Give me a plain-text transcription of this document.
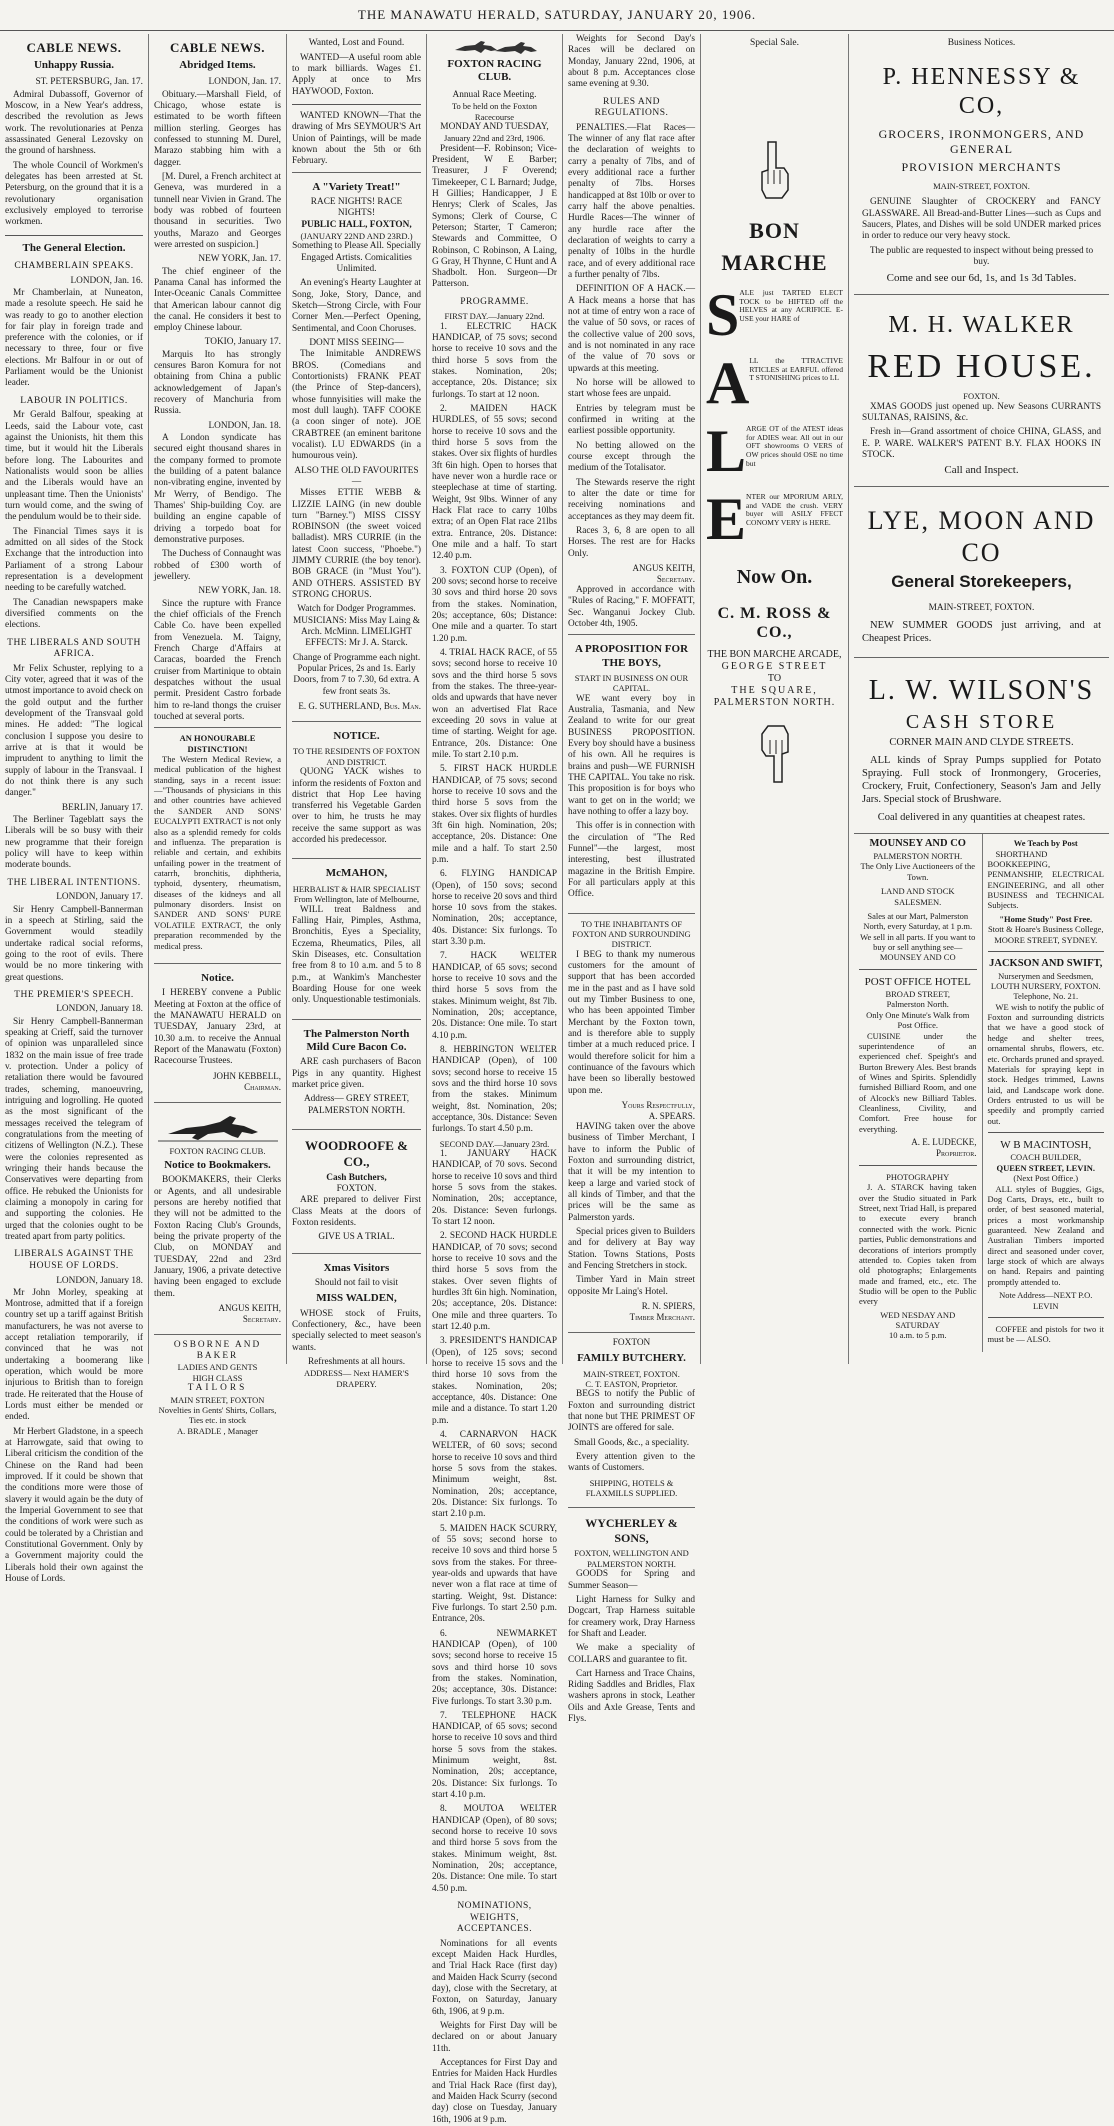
THE MANAWATU HERALD, SATURDAY, JANUARY 20, 1906.
CABLE NEWS.
Unhappy Russia.
ST. PETERSBURG, Jan. 17.

Admiral Dubassoff, Governor of Moscow, in a New Year's address, described the revolution as Jews work. The revolutionaries at Penza assassinated General Lezovsky on the ground of harshness.

The whole Council of Workmen's delegates has been arrested at St. Petersburg, on the ground that it is a revolutionary organisation exclusively employed to terrorise workmen.

The General Election.
CHAMBERLAIN SPEAKS.
LONDON, Jan. 16.

Mr Chamberlain, at Nuneaton, made a resolute speech. He said he was ready to go to another election for fair play in foreign trade and preference with the colonies, or if necessary to three, four or five elections. Mr Balfour in or out of Parliament would be the Unionist leader.

LABOUR IN POLITICS.

Mr Gerald Balfour, speaking at Leeds, said the Labour vote, cast against the Unionists, hit them this time, but it would hit the Liberals before long. The Labourites and Nationalists would soon be allies and the Liberals would have an unpleasant time. Then the Unionists' turn would come, and the swing of the pendulum would be to their side.

The Financial Times says it is admitted on all sides of the Stock Exchange that the introduction into Parliament of a strong Labour representation is a development needing to be carefully watched.

The Canadian newspapers make diversified comments on the elections.

THE LIBERALS AND SOUTH AFRICA.

Mr Felix Schuster, replying to a City voter, agreed that it was of the utmost importance to avoid check on the gold output and the further development of the Transvaal gold mines. He added: "The logical conclusion I suppose you desire to arrive at is that it would be imprudent to anything to limit the supply of labour in the Transvaal. I do not think there is any such danger."

BERLIN, January 17.

The Berliner Tageblatt says the Liberals will be so busy with their new programme that their foreign policy will have to keep within moderate bounds.

THE LIBERAL INTENTIONS.
LONDON, January 17.

Sir Henry Campbell-Bannerman in a speech at Stirling, said the Government would steadily undertake radical social reforms, going to the root of evils. There would be no more tinkering with great questions.

THE PREMIER'S SPEECH.
LONDON, January 18.

Sir Henry Campbell-Bannerman speaking at Crieff, said the turnover of opinion was unparalleled since 1832 on the main issue of free trade v. protection. Under a policy of retaliation there would be favoured trades, scheming, manoeuvring, intriguing and logrolling. He quoted as the most significant of the messages received the telegram of congratulations from the meeting of citizens of Wellington (N.Z.). These were the colonies represented as wringing their hands because the Conservatives were departing from office. He rebuked the Unionists for claiming a monopoly in caring for and supporting the colonies. He urged that the colonies ought to be treated apart from party politics.

LIBERALS AGAINST THE HOUSE OF LORDS.
LONDON, January 18.

Mr John Morley, speaking at Montrose, admitted that if a foreign country set up a tariff against British manufacturers, he was not averse to accept retaliation temporarily, if convinced that he was not undertaking a boomerang like operation, which would be more injurious to British than to foreign trade. He reiterated that the House of Lords must either be mended or ended.

Mr Herbert Gladstone, in a speech at Harrowgate, said that owing to Liberal criticism the condition of the Chinese on the Rand had been improved. If it could be shown that the conditions more were those of slavery it would again be the duty of the Imperial Government to see that the conditions of work were such as could be tolerated by a Christian and Constitutional Government. Only by a Government majority could the Liberals hold their own against the House of Lords.

CABLE NEWS.
Abridged Items.
LONDON, Jan. 17.

Obituary.—Marshall Field, of Chicago, whose estate is estimated to be worth fifteen million sterling. Georges has confessed to stunning M. Durel, Marazo stabbing him with a dagger.

[M. Durel, a French architect at Geneva, was murdered in a tunnell near Vivien in Grand. The body was robbed of fourteen thousand in securities. Two youths, Marazo and Georges were arrested on suspicion.]

NEW YORK, Jan. 17.

The chief engineer of the Panama Canal has informed the Inter-Oceanic Canals Committee that American labour cannot dig the canal. He considers it best to employ Chinese labour.

TOKIO, January 17.

Marquis Ito has strongly censures Baron Komura for not obtaining from China a public acknowledgement of Japan's recovery of Manchuria from Russia.

LONDON, Jan. 18.

A London syndicate has secured eight thousand shares in the company formed to promote the building of a patent balance non-vibrating engine, invented by Mr Werry, of Bendigo. The Thames' Ship-building Coy. are building an engine capable of driving a torpedo boat for demonstrative purposes.

The Duchess of Connaught was robbed of £300 worth of jewellery.

NEW YORK, Jan. 18.

Since the rupture with France the chief officials of the French Cable Co. have been expelled from Venezuela. M. Taigny, French Charge d'Affairs at Caracas, boarded the French cruiser from Martinique to obtain despatches without the usual permit. President Castro forbade him to re-land thongs the cruiser touched at several ports.

AN HONOURABLE DISTINCTION!

The Western Medical Review, a medical publication of the highest standing, says in a recent issue:—"Thousands of physicians in this and other countries have achieved the SANDER AND SONS' EUCALYPTI EXTRACT is not only also as a splendid remedy for colds and influenza. The preparation is reliable and certain, and exhibits unfailing power in the treatment of catarrh, bronchitis, diphtheria, typhoid, dysentery, rheumatism, diseases of the kidneys and all pulmonary disorders. Insist on SANDER AND SONS' PURE VOLATILE EXTRACT, the only preparation recommended by the medical press.

Notice.

I HEREBY convene a Public Meeting at Foxton at the office of the MANAWATU HERALD on TUESDAY, January 23rd, at 10.30 a.m. to receive the Annual Report of the Manawatu (Foxton) Racecourse Trustees.

JOHN KEBBELL,
Chairman.
FOXTON RACING CLUB.
Notice to Bookmakers.

BOOKMAKERS, their Clerks or Agents, and all undesirable persons are hereby notified that they will not be admitted to the Foxton Racing Club's Grounds, being the private property of the Club, on MONDAY and TUESDAY, 22nd and 23rd January, 1906, a private detective having been engaged to exclude them.

ANGUS KEITH,
Secretary.
OSBORNE AND BAKER
LADIES AND GENTS
HIGH CLASS
TAILORS
MAIN STREET, FOXTON
Novelties in Gents' Shirts, Collars, Ties etc. in stock
A. BRADLE , Manager
Wanted, Lost and Found.

WANTED—A useful room able to mark billiards. Wages £1. Apply at once to Mrs HAYWOOD, Foxton.

WANTED KNOWN—That the drawing of Mrs SEYMOUR'S Art Union of Paintings, will be made known about the 5th or 6th February.

A "Variety Treat!"
RACE NIGHTS! RACE NIGHTS!
PUBLIC HALL, FOXTON,
(JANUARY 22ND AND 23RD.)

Something to Please All. Specially Engaged Artists. Comicalities Unlimited.

An evening's Hearty Laughter at Song, Joke, Story, Dance, and Sketch—Strong Circle, with Four Corner Men.—Perfect Opening, Sentimental, and Coon Choruses.

DONT MISS SEEING—

The Inimitable ANDREWS BROS. (Comedians and Contortionists) FRANK PEAT (the Prince of Step-dancers), whose funnyisities will make the most dull laugh). TAFF COOKE (a coon singer of note). JOE CRABTREE (an eminent baritone vocalist). LU EDWARDS (in a humourous vein).

ALSO THE OLD FAVOURITES—

Misses ETTIE WEBB & LIZZIE LAING (in new double turn "Barney.") MISS CISSY ROBINSON (the sweet voiced balladist). MRS CURRIE (in the latest Coon success, "Phoebe.") JIMMY CURRIE (the boy tenor). BOB GRACE (in "Must You"). AND OTHERS. ASSISTED BY STRONG CHORUS.

Watch for Dodger Programmes.

MUSICIANS: Miss May Laing & Arch. McMinn. LIMELIGHT EFFECTS: Mr J. A. Starck.

Change of Programme each night.

Popular Prices, 2s and 1s. Early Doors, from 7 to 7.30, 6d extra. A few front seats 3s.

E. G. SUTHERLAND, Bus. Man.
NOTICE.
TO THE RESIDENTS OF FOXTON AND DISTRICT.

QUONG YACK wishes to inform the residents of Foxton and district that Hop Lee having transferred his Vegetable Garden over to him, he trusts he may receive the same support as was accorded his predecessor.

McMAHON,
HERBALIST & HAIR SPECIALIST From Wellington, late of Melbourne,

WILL treat Baldness and Falling Hair, Pimples, Asthma, Bronchitis, Eyes a Speciality, Eczema, Rheumatics, Piles, all Skin Diseases, etc. Consultation free from 8 to 10 a.m. and 5 to 8 p.m., at Wankim's Manchester Boarding House for one week only. Unquestionable testimonials.

The Palmerston North Mild Cure Bacon Co.

ARE cash purchasers of Bacon Pigs in any quantity. Highest market price given.

Address— GREY STREET, PALMERSTON NORTH.

WOODROOFE & CO.,
Cash Butchers,
FOXTON.

ARE prepared to deliver First Class Meats at the doors of Foxton residents.

GIVE US A TRIAL.
Xmas Visitors
Should not fail to visit
MISS WALDEN,

WHOSE stock of Fruits, Confectionery, &c., have been specially selected to meet season's wants.

Refreshments at all hours.
ADDRESS— Next HAMER'S DRAPERY.
FOXTON RACING CLUB.
Annual Race Meeting.
To be held on the Foxton Racecourse
MONDAY AND TUESDAY,
January 22nd and 23rd, 1906.

President—F. Robinson; Vice-President, W E Barber; Treasurer, J F Overend; Timekeeper, C L Barnard; Judge, H Gillies; Handicapper, J E Henrys; Clerk of Scales, Jas Symons; Clerk of Course, C Peterson; Starter, T Cameron; Stewards and Committee, O Robinson, C Robinson, A Laing, G Gray, H Thynne, C Hunt and A Shadbolt. Hon. Surgeon—Dr Patterson.

PROGRAMME.
FIRST DAY.—January 22nd.

1. ELECTRIC HACK HANDICAP, of 75 sovs; second horse to receive 10 sovs and the third horse 5 sovs from the stakes. Nomination, 20s; acceptance, 20s. Distance; six furlongs. To start at 12 noon.

2. MAIDEN HACK HURDLES, of 55 sovs; second horse to receive 10 sovs and the third horse 5 sovs from the stakes. Over six flights of hurdles 3ft 6in high. Open to horses that have never won a hurdle race or steeplechase at time of starting. Weight, 9st 9lbs. Winner of any Hack Flat race to carry 10lbs extra; of an Open Flat race 21lbs extra. Entrance, 20s. Distance: One mile and a half. To start 12.40 p.m.

3. FOXTON CUP (Open), of 200 sovs; second horse to receive 30 sovs and third horse 20 sovs from the stakes. Nomination, 20s; acceptance, 60s; Distance: One mile and a quarter. To start 1.20 p.m.

4. TRIAL HACK RACE, of 55 sovs; second horse to receive 10 sovs and the third horse 5 sovs from the stakes. The three-year-olds and upwards that have never won an advertised Flat Race exceeding 20 sovs in value at time of starting. Weight for age. Entrance, 20s. Distance: One mile. To start 2.10 p.m.

5. FIRST HACK HURDLE HANDICAP, of 75 sovs; second horse to receive 10 sovs and the third horse 5 sovs from the stakes. Over six flights of hurdles 3ft 6in high. Nomination, 20s; acceptance, 20s. Distance: One mile and a half. To start 2.50 p.m.

6. FLYING HANDICAP (Open), of 150 sovs; second horse to receive 20 sovs and third horse 10 sovs from the stakes. Nomination, 20s; acceptance, 40s. Distance: Six furlongs. To start 3.30 p.m.

7. HACK WELTER HANDICAP, of 65 sovs; second horse to receive 10 sovs and the third horse 5 sovs from the stakes. Minimum weight, 8st 7lb. Nomination, 20s; acceptance, 20s. Distance: One mile. To start 4.10 p.m.

8. HEBRINGTON WELTER HANDICAP (Open), of 100 sovs; second horse to receive 15 sovs and the third horse 10 sovs from the stakes. Minimum weight, 8st. Nomination, 20s; acceptance, 30s. Distance: Seven furlongs. To start 4.50 p.m.

SECOND DAY.—January 23rd.

1. JANUARY HACK HANDICAP, of 70 sovs. Second horse to receive 10 sovs and third horse 5 sovs from the stakes. Nomination, 20s; acceptance, 20s. Distance: Seven furlongs. To start 12 noon.

2. SECOND HACK HURDLE HANDICAP, of 70 sovs; second horse to receive 10 sovs and the third horse 5 sovs from the stakes. Over seven flights of hurdles 3ft 6in high. Nomination, 20s; acceptance, 20s. Distance: One mile and three quarters. To start 12.40 p.m.

3. PRESIDENT'S HANDICAP (Open), of 125 sovs; second horse to receive 15 sovs and the third horse 10 sovs from the stakes. Nomination, 20s; acceptance, 40s. Distance: One mile and a distance. To start 1.20 p.m.

4. CARNARVON HACK WELTER, of 60 sovs; second horse to receive 10 sovs and third horse 5 sovs from the stakes. Minimum weight, 8st. Nomination, 20s; acceptance, 20s. Distance: Six furlongs. To start 2.10 p.m.

5. MAIDEN HACK SCURRY, of 55 sovs; second horse to receive 10 sovs and third horse 5 sovs from the stakes. For three-year-olds and upwards that have never won a flat race at time of starting. Weight, 9st. Distance: Five furlongs. To start 2.50 p.m. Entrance, 20s.

6. NEWMARKET HANDICAP (Open), of 100 sovs; second horse to receive 15 sovs and third horse 10 sovs from the stakes. Nomination, 20s; acceptance, 30s. Distance: Five furlongs. To start 3.30 p.m.

7. TELEPHONE HACK HANDICAP, of 65 sovs; second horse to receive 10 sovs and third horse 5 sovs from the stakes. Minimum weight, 8st. Nomination, 20s; acceptance, 20s. Distance: Six furlongs. To start 4.10 p.m.

8. MOUTOA WELTER HANDICAP (Open), of 80 sovs; second horse to receive 10 sovs and third horse 5 sovs from the stakes. Minimum weight, 8st. Nomination, 20s; acceptance, 20s. Distance: One mile. To start 4.50 p.m.

NOMINATIONS, WEIGHTS, ACCEPTANCES.

Nominations for all events except Maiden Hack Hurdles, and Trial Hack Race (first day) and Maiden Hack Scurry (second day), close with the Secretary, at Foxton, on Saturday, January 6th, 1906, at 9 p.m.

Weights for First Day will be declared on or about January 11th.

Acceptances for First Day and Entries for Maiden Hack Hurdles and Trial Hack Race (first day), and Maiden Hack Scurry (second day) close on Tuesday, January 16th, 1906 at 9 p.m.

Weights for Second Day's Races will be declared on Monday, January 22nd, 1906, at about 8 p.m. Acceptances close same evening at 9.30.

RULES AND REGULATIONS.

PENALTIES.—Flat Races—The winner of any flat race after the declaration of weights to carry a penalty of 7lbs, and of every additional race a further penalty of 7lbs. Horses handicapped at 8st 10lb or over to carry half the above penalties. Hurdle Races—The winner of any hurdle race after the declaration of weights to carry a penalty of 10lbs in the hurdle race, and of every additional race a further penalty of 7lbs.

DEFINITION OF A HACK.—A Hack means a horse that has not at time of entry won a race of the value of 50 sovs, or races of the collective value of 200 sovs, and is not nominated in any race of the value of 70 sovs or upwards at this meeting.

No horse will be allowed to start whose fees are unpaid.

Entries by telegram must be confirmed in writing at the earliest possible opportunity.

No betting allowed on the course except through the medium of the Totalisator.

The Stewards reserve the right to alter the date or time for receiving nominations and acceptances as they may deem fit.

Races 3, 6, 8 are open to all Horses. The rest are for Hacks Only.

ANGUS KEITH,
Secretary.

Approved in accordance with "Rules of Racing," F. MOFFATT, Sec. Wanganui Jockey Club. October 4th, 1905.

A PROPOSITION FOR THE BOYS,
START IN BUSINESS ON OUR CAPITAL.

WE want every boy in Australia, Tasmania, and New Zealand to write for our great BUSINESS PROPOSITION. Every boy should have a business of his own. All he requires is brains and push—WE FURNISH THE CAPITAL. You take no risk. This proposition is for boys who want to get on in the world; we have nothing to offer a lazy boy.

This offer is in connection with the circulation of "The Red Funnel"—the largest, most interesting, best illustrated magazine in the British Empire. For all particulars apply at this Office.

TO THE INHABITANTS OF FOXTON AND SURROUNDING DISTRICT.

I BEG to thank my numerous customers for the amount of support that has been accorded me in the past and as I have sold out my Timber Business to one, who has been appointed Timber Merchant by the Foxton town, and is therefore able to supply timber at a much reduced price. I would therefore solicit for him a continuance of the favours which have been so liberally bestowed upon me.

Yours Respectfully,
A. SPEARS.

HAVING taken over the above business of Timber Merchant, I have to inform the Public of Foxton and surrounding district, that it will be my intention to keep a large and varied stock of all kinds of Timber, and that the prices will be the same as Palmerston yards.

Special prices given to Builders and for delivery at Bay way Station. Towns Stations, Posts and Fencing Stretchers in stock.

Timber Yard in Main street opposite Mr Laing's Hotel.

R. N. SPIERS,
Timber Merchant.
FOXTON
FAMILY BUTCHERY.
MAIN-STREET, FOXTON.
C. T. EASTON, Proprietor.

BEGS to notify the Public of Foxton and surrounding district that none but THE PRIMEST OF JOINTS are offered for sale.

Small Goods, &c., a speciality.

Every attention given to the wants of Customers.

SHIPPING, HOTELS & FLAXMILLS SUPPLIED.
WYCHERLEY & SONS,
FOXTON, WELLINGTON AND PALMERSTON NORTH.

GOODS for Spring and Summer Season—

Light Harness for Sulky and Dogcart, Trap Harness suitable for creamery work, Dray Harness for Shaft and Leader.

We make a speciality of COLLARS and guarantee to fit.

Cart Harness and Trace Chains, Riding Saddles and Bridles, Flax washers aprons in stock, Leather Oils and Axle Grease, Tents and Flys.

Special Sale.
BON
MARCHE
S ALE just TARTED ELECT TOCK to be HIFTED off the HELVES at any ACRIFICE. E-USE your HARE of
A LL the TTRACTIVE RTICLES at EARFUL offered T STONISHING prices to LL
L ARGE OT of the ATEST ideas for ADIES wear. All out in our OFT showrooms O VERS of OW prices should OSE no time but
E NTER our MPORIUM ARLY, and VADE the crush. VERY buyer will ASILY FFECT CONOMY VERY is HERE.
Now On.
C. M. ROSS & CO.,
THE BON MARCHE ARCADE,
GEORGE STREET
TO
THE SQUARE,
PALMERSTON NORTH.
Business Notices.
P. HENNESSY & CO,
GROCERS, IRONMONGERS, AND GENERAL
PROVISION MERCHANTS
MAIN-STREET, FOXTON.

GENUINE Slaughter of CROCKERY and FANCY GLASSWARE. All Bread-and-Butter Lines—such as Cups and Saucers, Plates, and Dishes will be sold UNDER marked prices in order to reduce our very heavy stock.

The public are requested to inspect without being pressed to buy.

Come and see our 6d, 1s, and 1s 3d Tables.
M. H. WALKER
RED HOUSE.
FOXTON.

XMAS GOODS just opened up. New Seasons CURRANTS SULTANAS, RAISINS, &c.

Fresh in—Grand assortment of choice CHINA, GLASS, and E. P. WARE. WALKER'S PATENT B.Y. FLAX HOOKS IN STOCK.

Call and Inspect.
LYE, MOON AND CO
General Storekeepers,
MAIN-STREET, FOXTON.

NEW SUMMER GOODS just arriving, and at Cheapest Prices.

L. W. WILSON'S
CASH STORE
CORNER MAIN AND CLYDE STREETS.

ALL kinds of Spray Pumps supplied for Potato Spraying. Full stock of Ironmongery, Groceries, Crockery, Fruit, Confectionery, Season's Jam and Jelly Jars. Special stock of Brushware.

Coal delivered in any quantities at cheapest rates.
MOUNSEY AND CO
PALMERSTON NORTH.
The Only Live Auctioneers of the Town.
LAND AND STOCK SALESMEN.
Sales at our Mart, Palmerston North, every Saturday, at 1 p.m.
We sell in all parts. If you want to buy or sell anything see—
MOUNSEY AND CO
POST OFFICE HOTEL
BROAD STREET,
Palmerston North.
Only One Minute's Walk from Post Office.

CUISINE under the superintendence of an experienced chef. Speight's and Burton Brewery Ales. Best brands of Wines and Spirits. Splendidly furnished Billiard Room, and one of Alcock's new Billiard Tables. Cleanliness, Civility, and Comfort. Free house for everything.

A. E. LUDECKE,
Proprietor.
PHOTOGRAPHY

J. A. STARCK having taken over the Studio situated in Park Street, next Triad Hall, is prepared to execute every branch connected with the work. Picnic parties, Public demonstrations and decorations of interiors promptly attended to. Copies taken from old photographs; Enlargements made and framed, etc., etc. The Studio will be open to the Public every

WED NESDAY AND SATURDAY
10 a.m. to 5 p.m.
We Teach by Post

SHORTHAND BOOKKEEPING, PENMANSHIP, ELECTRICAL ENGINEERING, and all other BUSINESS and TECHNICAL Subjects.

"Home Study" Post Free.
Stott & Hoare's Business College, MOORE STREET, SYDNEY.
JACKSON AND SWIFT,
Nurserymen and Seedsmen,
LOUTH NURSERY, FOXTON.
Telephone, No. 21.

WE wish to notify the public of Foxton and surrounding districts that we have a good stock of hedge and shelter trees, ornamental shrubs, flowers, etc. etc. Orchards pruned and sprayed. Materials for spraying kept in stock. Hedges trimmed, Lawns laid, and Landscape work done. Orders entrusted to us will be speedily and promptly carried out.

W B MACINTOSH,
COACH BUILDER,
QUEEN STREET, LEVIN.
(Next Post Office.)

ALL styles of Buggies, Gigs, Dog Carts, Drays, etc., built to order, of best seasoned material, prices a most workmanship guaranteed. New Zealand and Australian Timbers imported direct and seasoned under cover, large stock of which are always on hand. Repairs and painting promptly attended to.

Note Address—NEXT P.O. LEVIN

COFFEE and pistols for two it must be — ALSO.
